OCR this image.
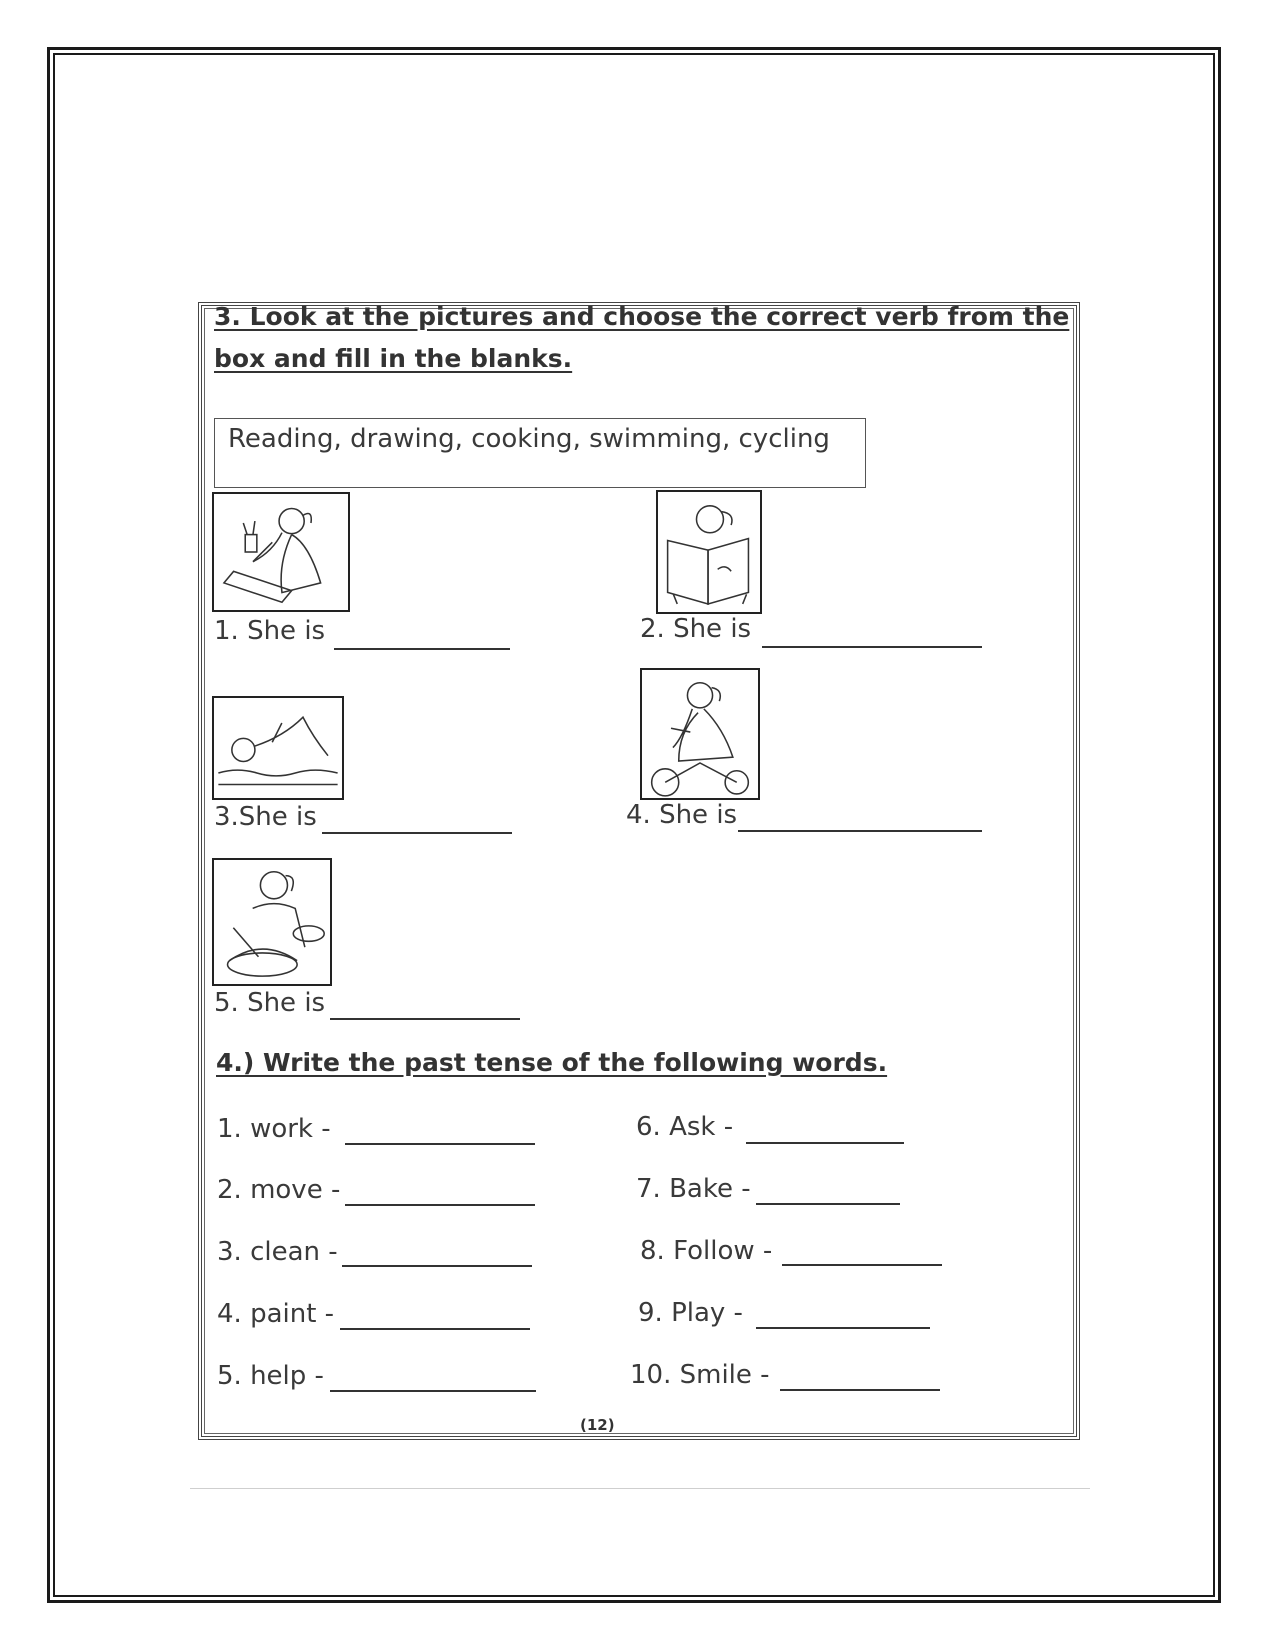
3. Look at the pictures and choose the correct verb from the
box and fill in the blanks.
Reading, drawing, cooking, swimming, cycling
1. She is	2. She is
3.She is	4. She is
5. She is
4.) Write the past tense of the following words.
1. work -
2. move -
3. clean -
4. paint -
5. help -
6. Ask -
7. Bake -
8. Follow -
9. Play -
10. Smile -
(12)
